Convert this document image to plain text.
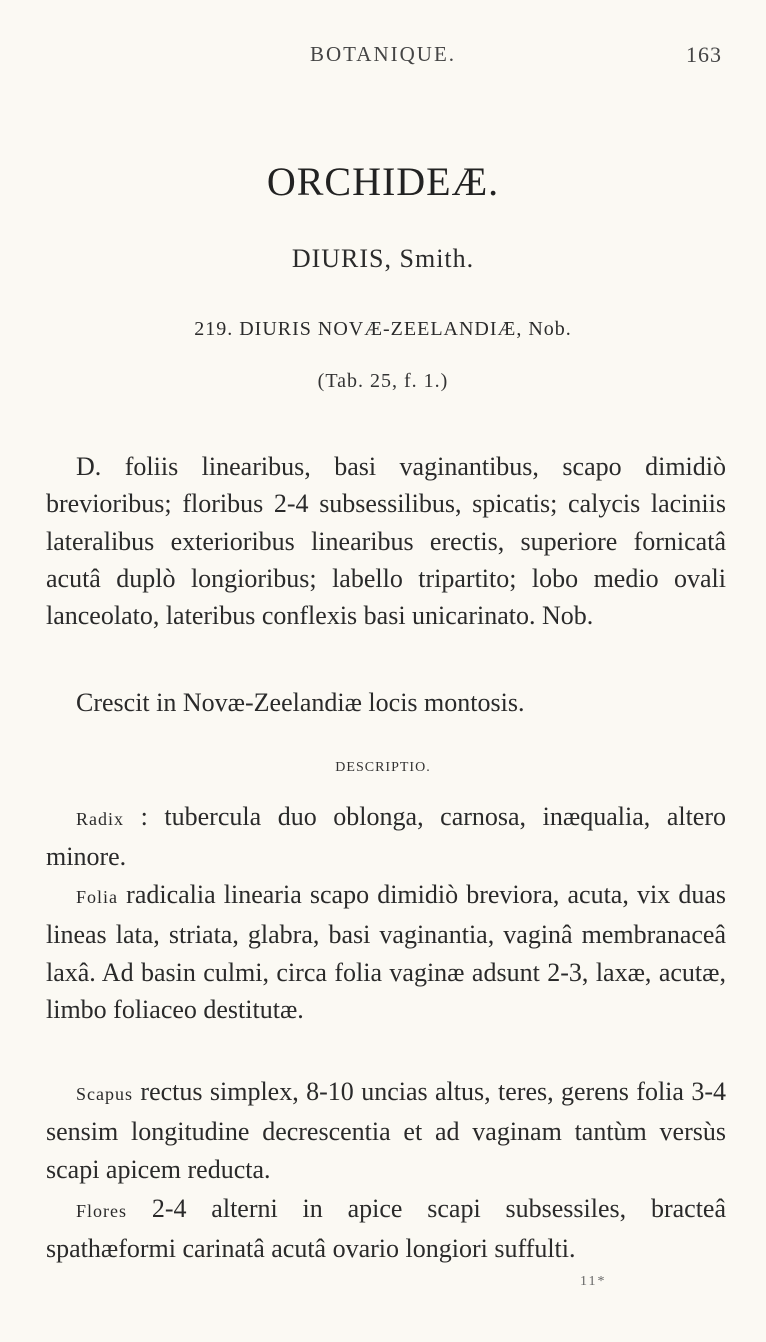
BOTANIQUE.	163
ORCHIDEÆ.
DIURIS, Smith.
219. DIURIS NOVÆ-ZEELANDIÆ, Nob.
(Tab. 25, f. 1.)

D. foliis linearibus, basi vaginantibus, scapo dimidiò brevioribus; floribus 2-4 subsessilibus, spicatis; calycis laciniis lateralibus exterioribus linearibus erectis, superiore fornicatâ acutâ duplò longioribus; labello tripartito; lobo medio ovali lanceolato, lateribus conflexis basi unicarinato. Nob.

Crescit in Novæ-Zeelandiæ locis montosis.

DESCRIPTIO.

Radix : tubercula duo oblonga, carnosa, inæqualia, altero minore.

Folia radicalia linearia scapo dimidiò breviora, acuta, vix duas lineas lata, striata, glabra, basi vaginantia, vaginâ membranaceâ laxâ. Ad basin culmi, circa folia vaginæ adsunt 2-3, laxæ, acutæ, limbo foliaceo destitutæ.

Scapus rectus simplex, 8-10 uncias altus, teres, gerens folia 3-4 sensim longitudine decrescentia et ad vaginam tantùm versùs scapi apicem reducta.

Flores 2-4 alterni in apice scapi subsessiles, bracteâ spathæformi carinatâ acutâ ovario longiori suffulti.

11*
